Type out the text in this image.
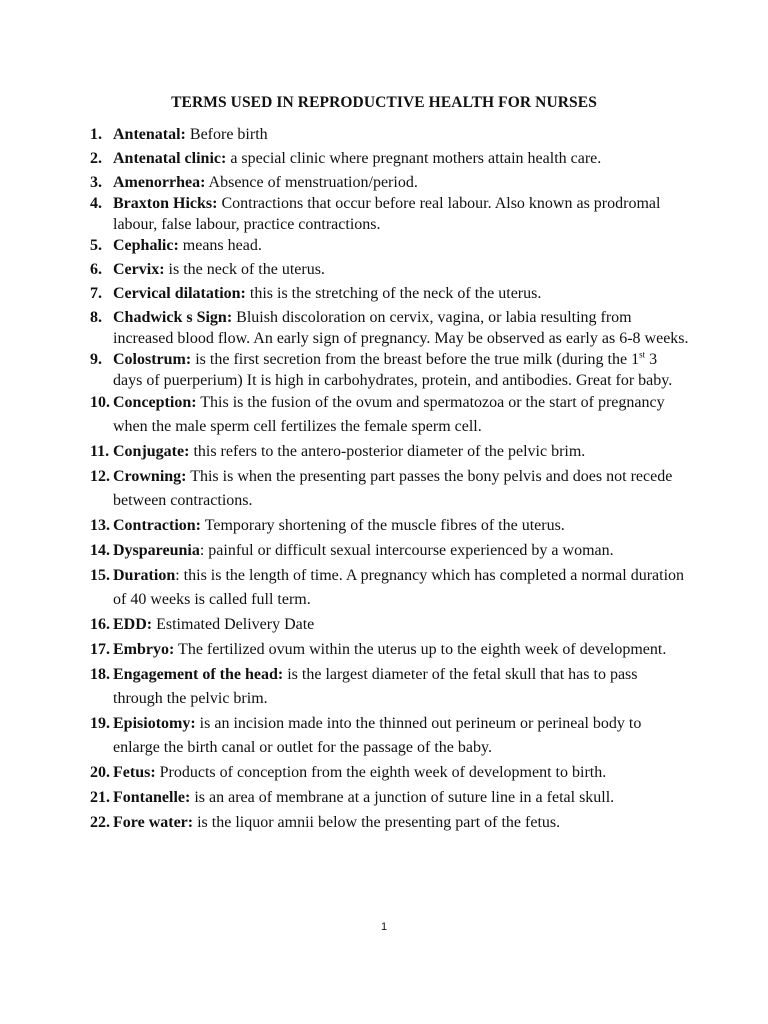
TERMS USED IN REPRODUCTIVE HEALTH FOR NURSES
1. Antenatal: Before birth
2. Antenatal clinic: a special clinic where pregnant mothers attain health care.
3. Amenorrhea: Absence of menstruation/period.
4. Braxton Hicks: Contractions that occur before real labour. Also known as prodromal labour, false labour, practice contractions.
5. Cephalic: means head.
6. Cervix: is the neck of the uterus.
7. Cervical dilatation: this is the stretching of the neck of the uterus.
8. Chadwick s Sign: Bluish discoloration on cervix, vagina, or labia resulting from increased blood flow. An early sign of pregnancy. May be observed as early as 6-8 weeks.
9. Colostrum: is the first secretion from the breast before the true milk (during the 1st 3 days of puerperium) It is high in carbohydrates, protein, and antibodies. Great for baby.
10. Conception: This is the fusion of the ovum and spermatozoa or the start of pregnancy when the male sperm cell fertilizes the female sperm cell.
11. Conjugate: this refers to the antero-posterior diameter of the pelvic brim.
12. Crowning: This is when the presenting part passes the bony pelvis and does not recede between contractions.
13. Contraction: Temporary shortening of the muscle fibres of the uterus.
14. Dyspareunia: painful or difficult sexual intercourse experienced by a woman.
15. Duration: this is the length of time. A pregnancy which has completed a normal duration of 40 weeks is called full term.
16. EDD: Estimated Delivery Date
17. Embryo: The fertilized ovum within the uterus up to the eighth week of development.
18. Engagement of the head: is the largest diameter of the fetal skull that has to pass through the pelvic brim.
19. Episiotomy: is an incision made into the thinned out perineum or perineal body to enlarge the birth canal or outlet for the passage of the baby.
20. Fetus: Products of conception from the eighth week of development to birth.
21. Fontanelle: is an area of membrane at a junction of suture line in a fetal skull.
22. Fore water: is the liquor amnii below the presenting part of the fetus.
1
